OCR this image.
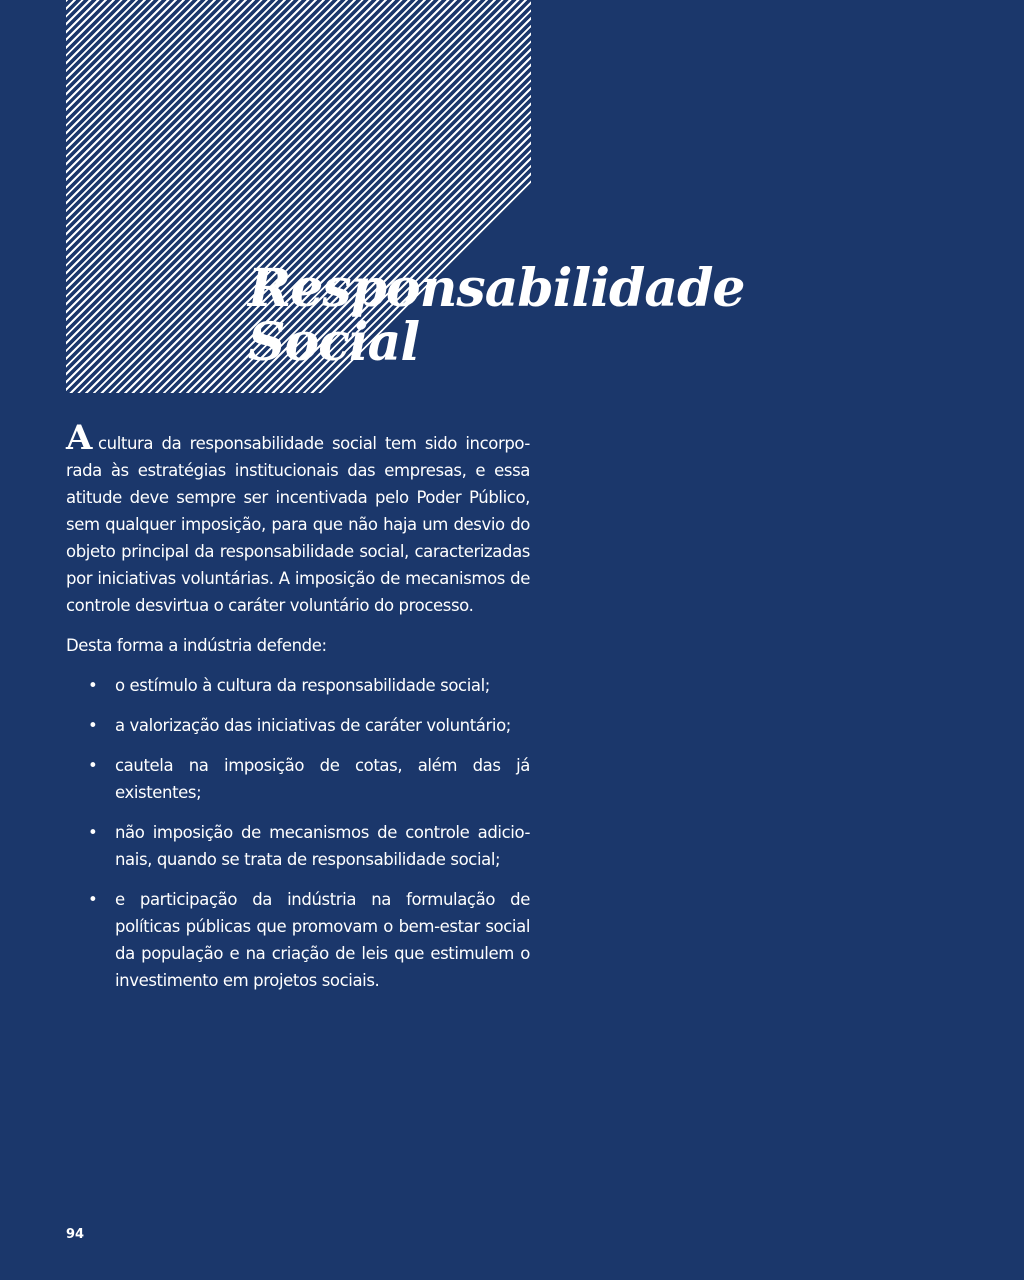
Responsabilidade
Social

Acultura da responsabilidade social tem sido incorpo-rada às estratégias institucionais das empresas, e essa atitude deve sempre ser incentivada pelo Poder Público, sem qualquer imposição, para que não haja um desvio do objeto principal da responsabilidade social, caracterizadas por iniciativas voluntárias. A imposição de mecanismos de controle desvirtua o caráter voluntário do processo.

Desta forma a indústria defende:

• o estímulo à cultura da responsabilidade social;
• a valorização das iniciativas de caráter voluntário;
• cautela na imposição de cotas, além das já existentes;
• não imposição de mecanismos de controle adicio-nais, quando se trata de responsabilidade social;
• e participação da indústria na formulação de políticas públicas que promovam o bem-estar social da população e na criação de leis que estimulem o investimento em projetos sociais.
94
